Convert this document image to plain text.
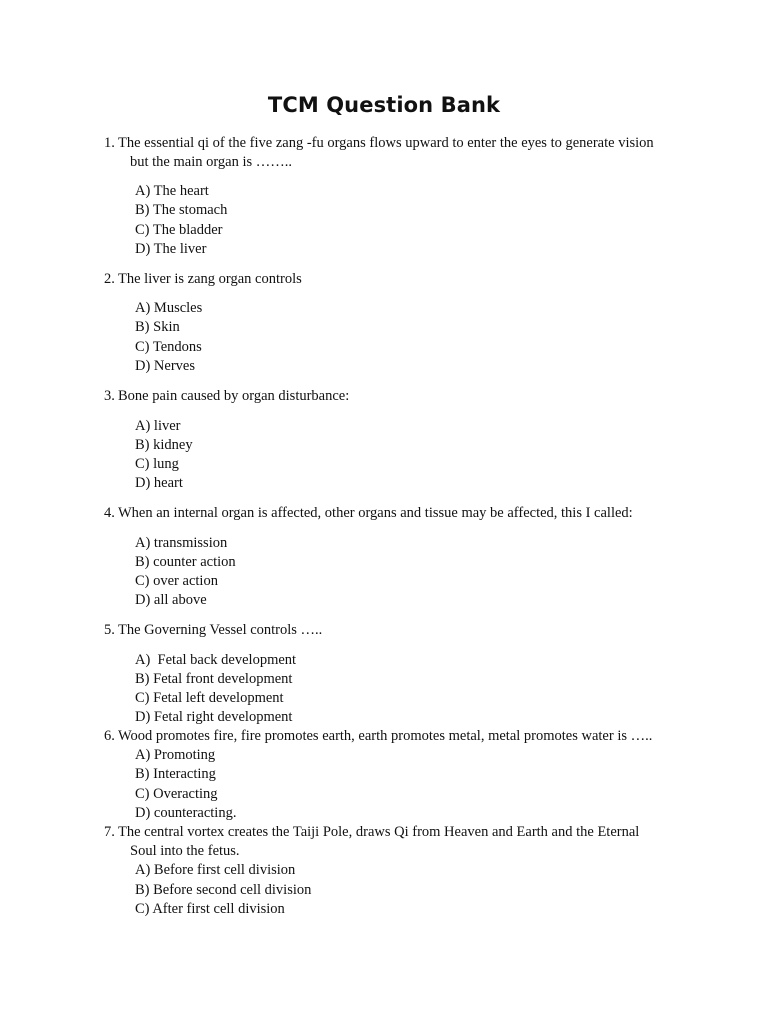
TCM Question Bank
1. The essential qi of the five zang -fu organs flows upward to enter the eyes to generate vision
but the main organ is ……..
A) The heart
B) The stomach
C) The bladder
D) The liver
2. The liver is zang organ controls
A) Muscles
B) Skin
C) Tendons
D) Nerves
3. Bone pain caused by organ disturbance:
A) liver
B) kidney
C) lung
D) heart
4. When an internal organ is affected, other organs and tissue may be affected, this I called:
A) transmission
B) counter action
C) over action
D) all above
5. The Governing Vessel controls …..
A)  Fetal back development
B) Fetal front development
C) Fetal left development
D) Fetal right development
6. Wood promotes fire, fire promotes earth, earth promotes metal, metal promotes water is …..
A) Promoting
B) Interacting
C) Overacting
D) counteracting.
7. The central vortex creates the Taiji Pole, draws Qi from Heaven and Earth and the Eternal
Soul into the fetus.
A) Before first cell division
B) Before second cell division
C) After first cell division
